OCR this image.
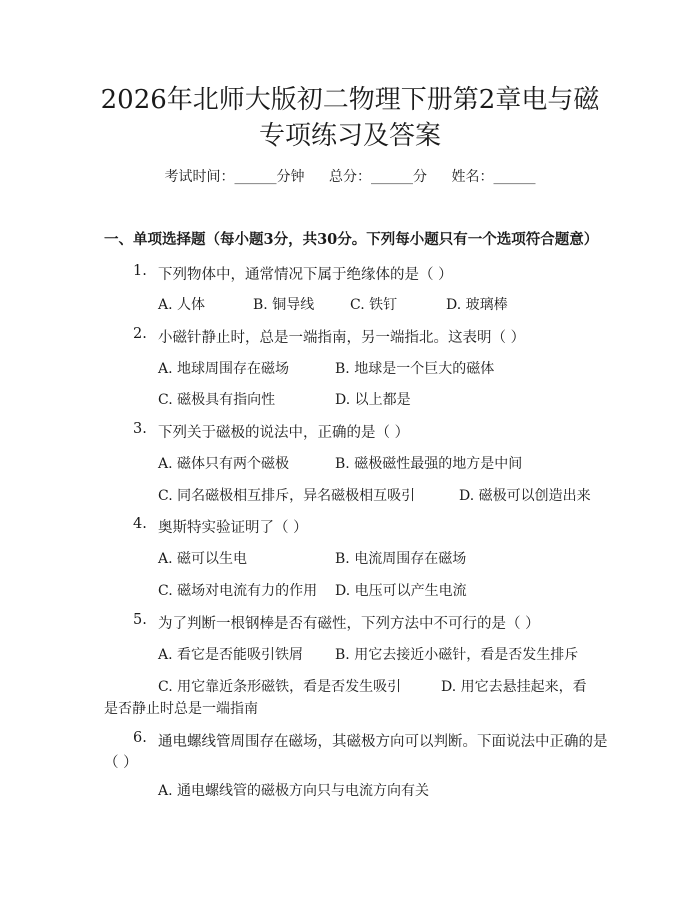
2026年北师大版初二物理下册第2章电与磁
专项练习及答案
考试时间：______分钟 总分：______分 姓名：______
一、单项选择题（每小题3分，共30分。下列每小题只有一个选项符合题意）
1. 下列物体中，通常情况下属于绝缘体的是（ ）
A. 人体	B. 铜导线	C. 铁钉	D. 玻璃棒
2. 小磁针静止时，总是一端指南，另一端指北。这表明（ ）
A. 地球周围存在磁场	B. 地球是一个巨大的磁体
C. 磁极具有指向性	D. 以上都是
3. 下列关于磁极的说法中，正确的是（ ）
A. 磁体只有两个磁极	B. 磁极磁性最强的地方是中间
C. 同名磁极相互排斥，异名磁极相互吸引	D. 磁极可以创造出来
4. 奥斯特实验证明了（ ）
A. 磁可以生电	B. 电流周围存在磁场
C. 磁场对电流有力的作用 D. 电压可以产生电流
5. 为了判断一根钢棒是否有磁性，下列方法中不可行的是（ ）
A. 看它是否能吸引铁屑 B. 用它去接近小磁针，看是否发生排斥
C. 用它靠近条形磁铁，看是否发生吸引	D. 用它去悬挂起来，看
是否静止时总是一端指南
6. 通电螺线管周围存在磁场，其磁极方向可以判断。下面说法中正确的是
（ ）
A. 通电螺线管的磁极方向只与电流方向有关
